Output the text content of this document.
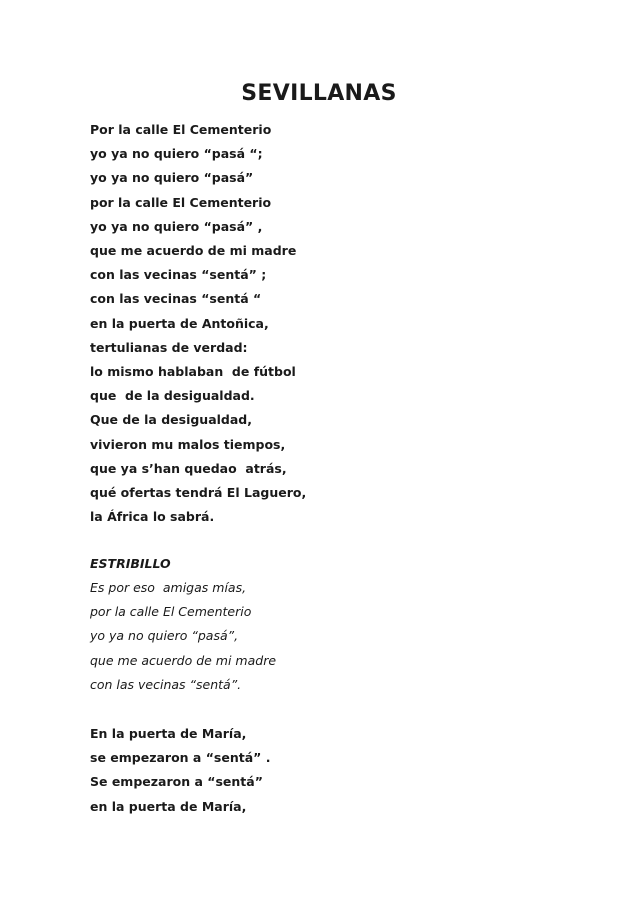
SEVILLANAS
Por la calle El Cementerio
yo ya no quiero “pasá “;
yo ya no quiero “pasá”
por la calle El Cementerio
yo ya no quiero “pasá” ,
que me acuerdo de mi madre
con las vecinas “sentá” ;
con las vecinas “sentá “
en la puerta de Antoñica,
tertulianas de verdad:
lo mismo hablaban  de fútbol
que  de la desigualdad.
Que de la desigualdad,
vivieron mu malos tiempos,
que ya s’han quedao  atrás,
qué ofertas tendrá El Laguero,
la África lo sabrá.
ESTRIBILLO
Es por eso  amigas mías,
por la calle El Cementerio
yo ya no quiero “pasá”,
que me acuerdo de mi madre
con las vecinas “sentá”.
En la puerta de María,
se empezaron a “sentá” .
Se empezaron a “sentá”
en la puerta de María,
